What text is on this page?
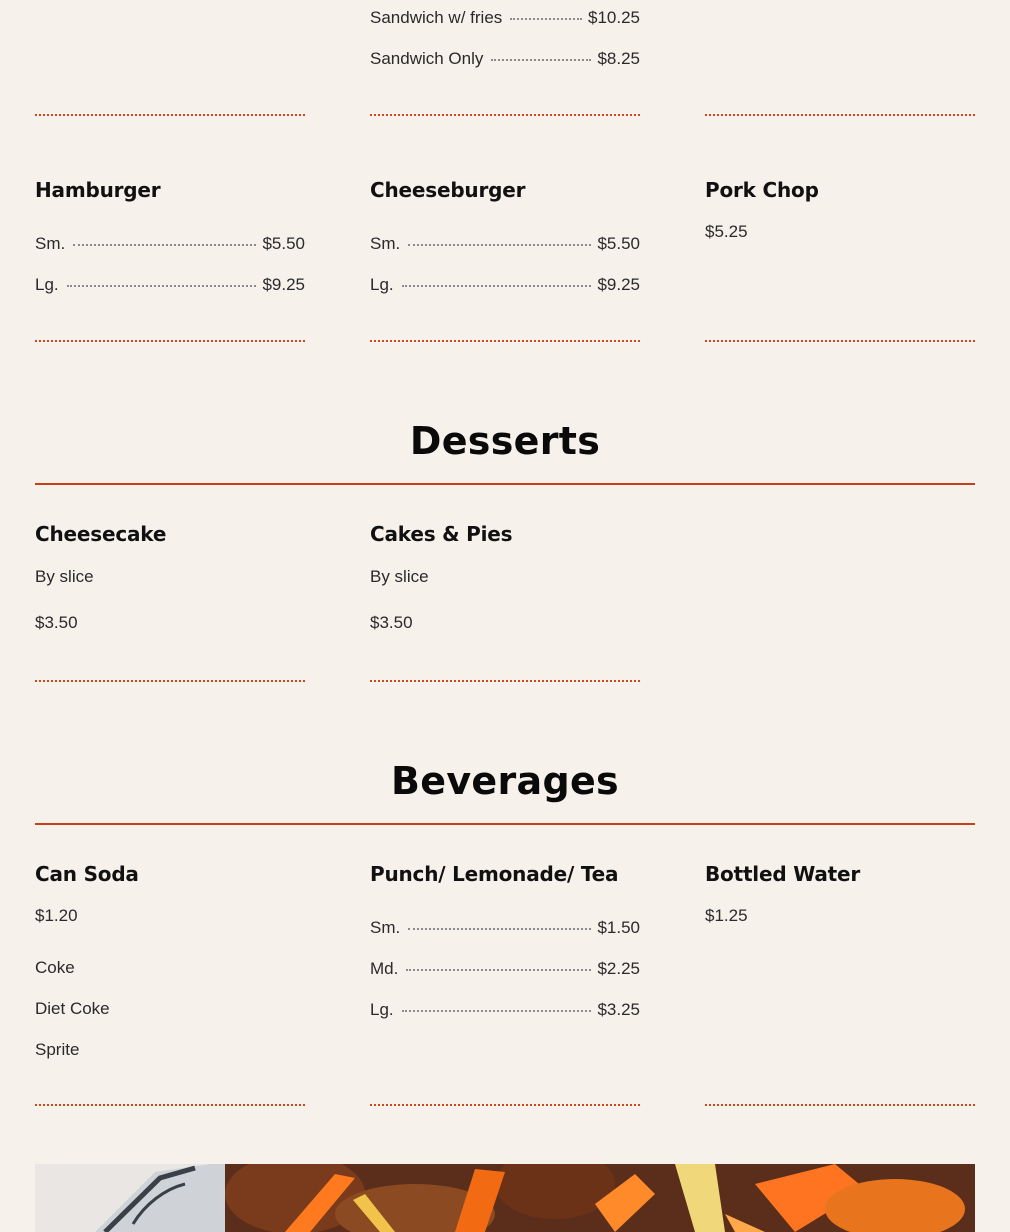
Sandwich w/ fries	$10.25
Sandwich Only	$8.25
Hamburger
Sm.	$5.50
Lg.	$9.25
Cheeseburger
Sm.	$5.50
Lg.	$9.25
Pork Chop
$5.25
Desserts
Cheesecake
By slice
$3.50
Cakes & Pies
By slice
$3.50
Beverages
Can Soda
$1.20
Coke
Diet Coke
Sprite
Punch/ Lemonade/ Tea
Sm.	$1.50
Md.	$2.25
Lg.	$3.25
Bottled Water
$1.25
